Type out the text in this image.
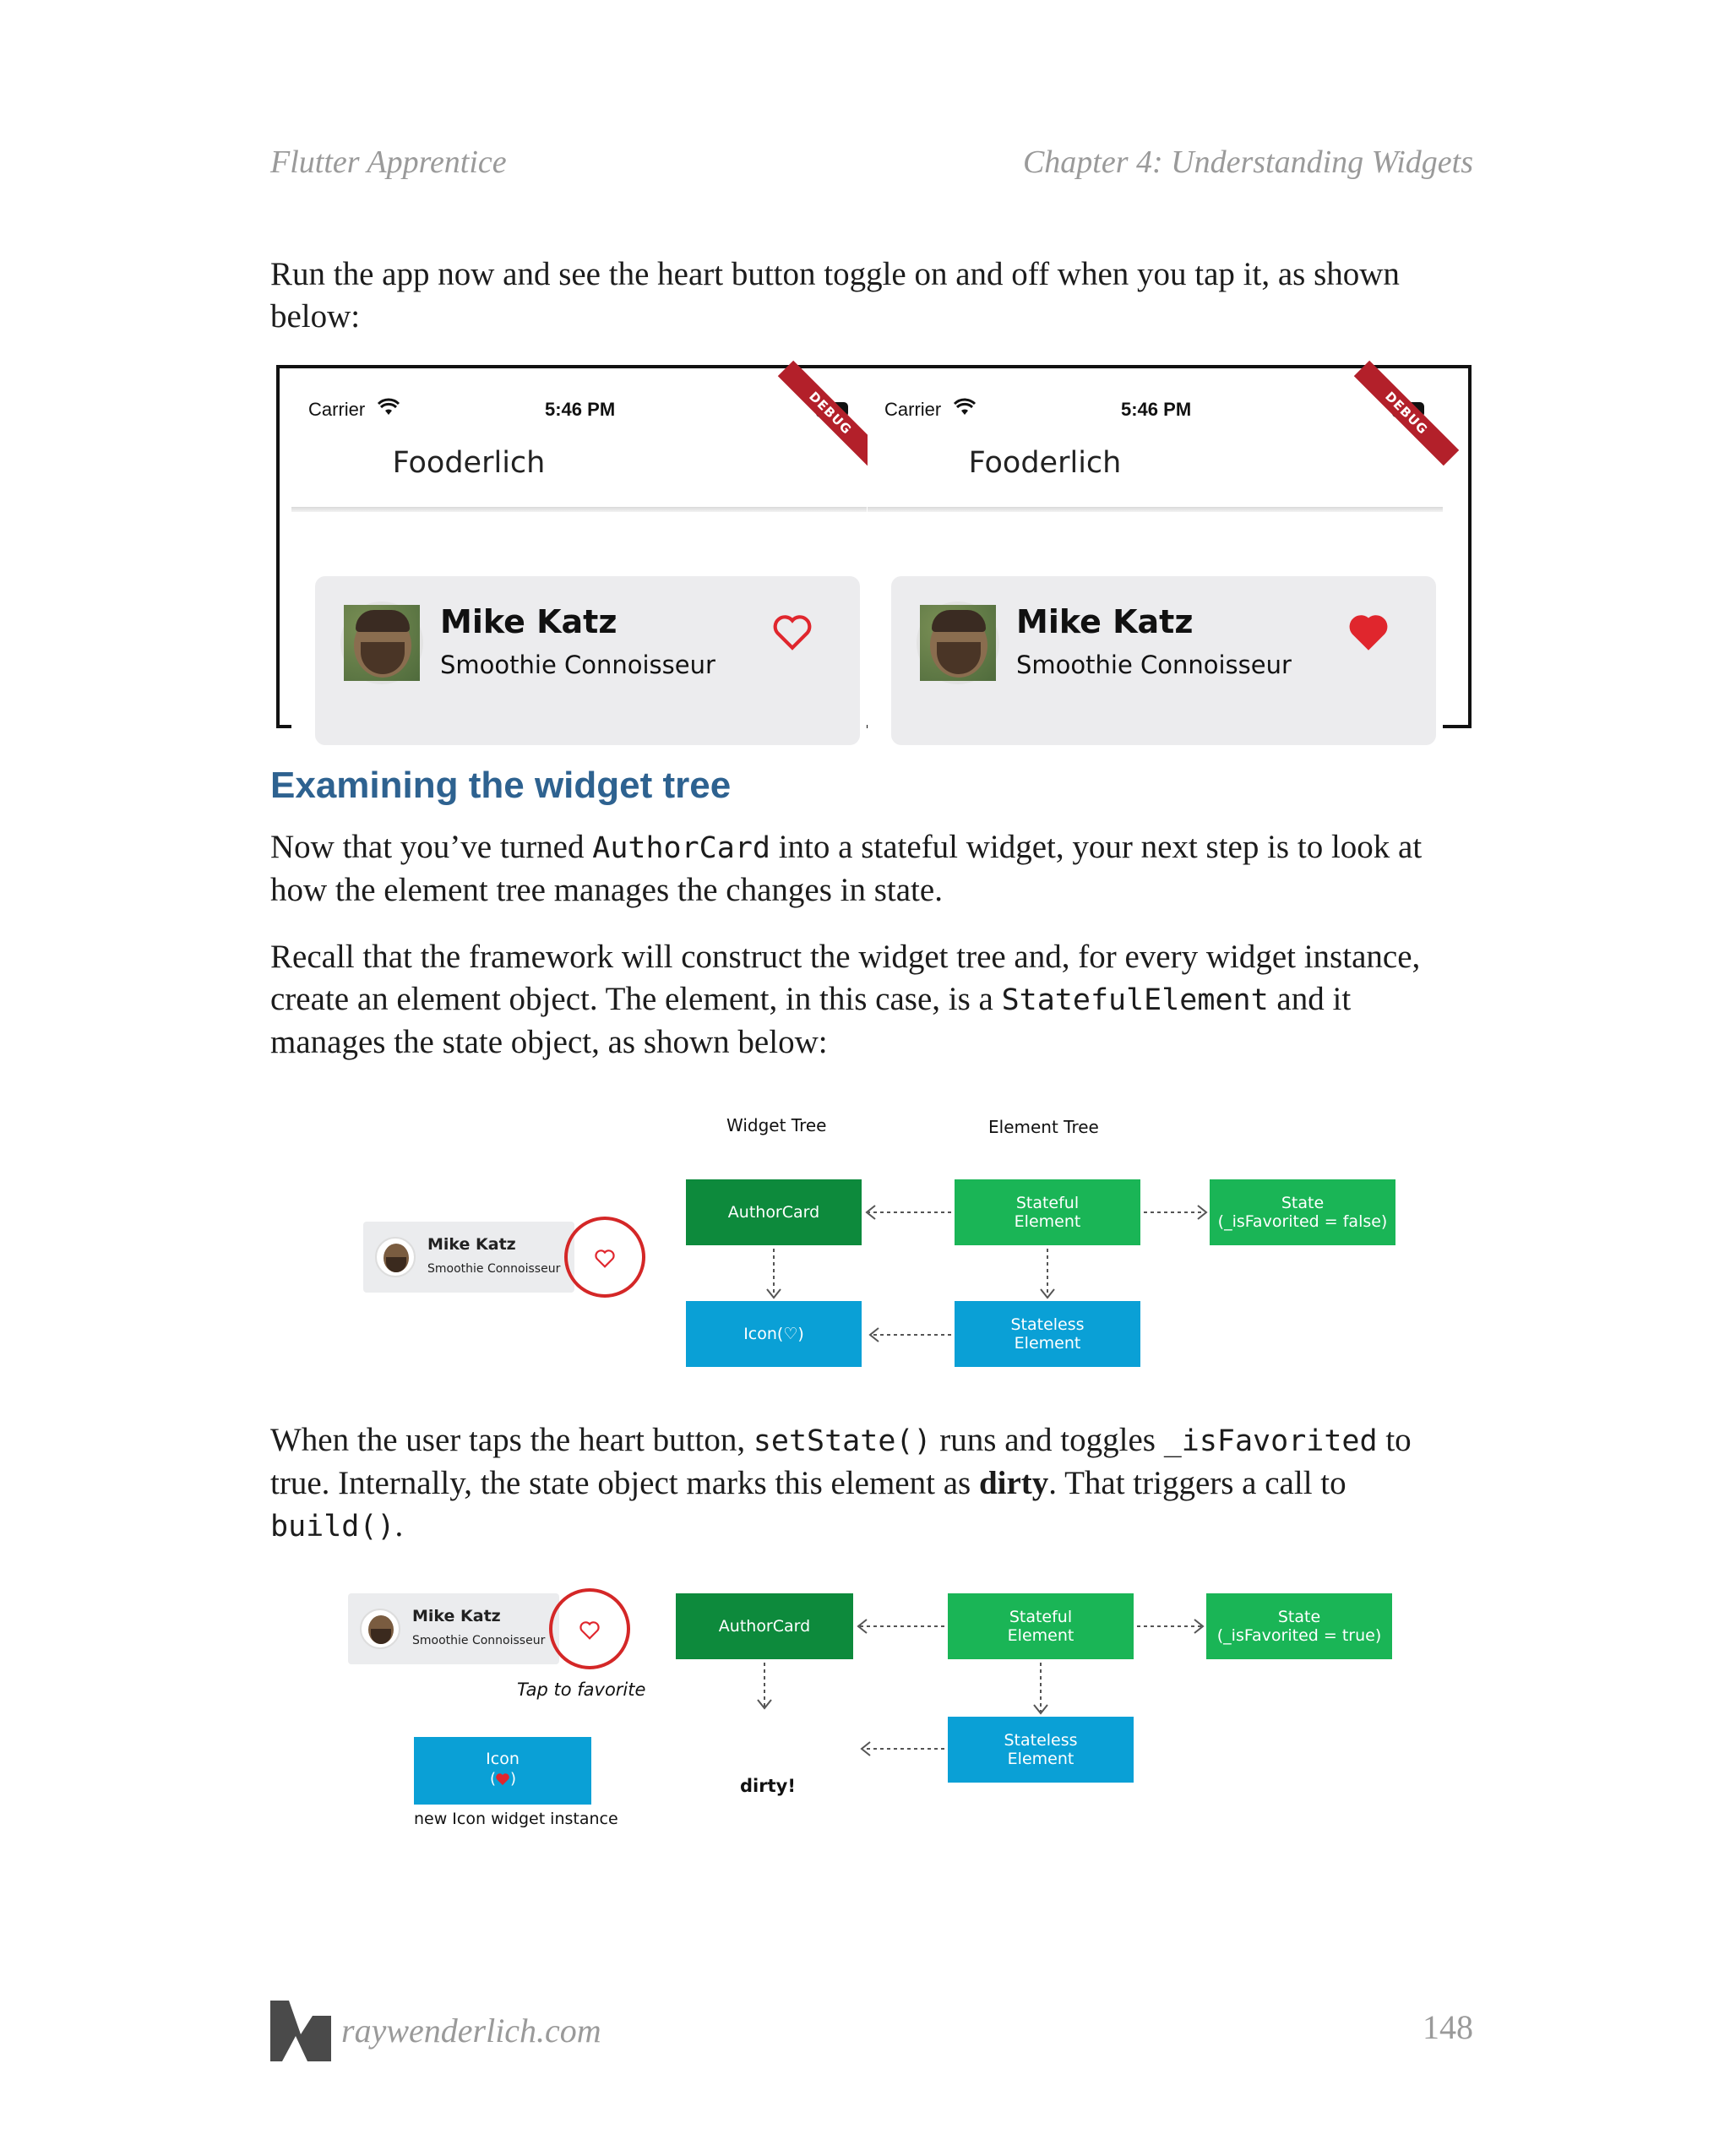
Flutter Apprentice	Chapter 4: Understanding Widgets

Run the app now and see the heart button toggle on and off when you tap it, as shown below:

Carrier	5:46 PM
Fooderlich
DEBUG
Mike Katz
Smoothie Connoisseur
Carrier	5:46 PM
Fooderlich
DEBUG
Mike Katz
Smoothie Connoisseur
Examining the widget tree

Now that you’ve turned AuthorCard into a stateful widget, your next step is to look at how the element tree manages the changes in state.

Recall that the framework will construct the widget tree and, for every widget instance, create an element object. The element, in this case, is a StatefulElement and it manages the state object, as shown below:

Widget Tree	Element Tree
Mike Katz
Smoothie Connoisseur
AuthorCard	Stateful
Element
State
(_isFavorited = false)
Icon(♡)	Stateless
Element

When the user taps the heart button, setState() runs and toggles _isFavorited to true. Internally, the state object marks this element as dirty. That triggers a call to build().

Mike Katz
Smoothie Connoisseur
Tap to favorite
Icon
( )
new Icon widget instance
AuthorCard
dirty!
Stateful
Element
State
(_isFavorited = true)
Stateless
Element
raywenderlich.com	148
